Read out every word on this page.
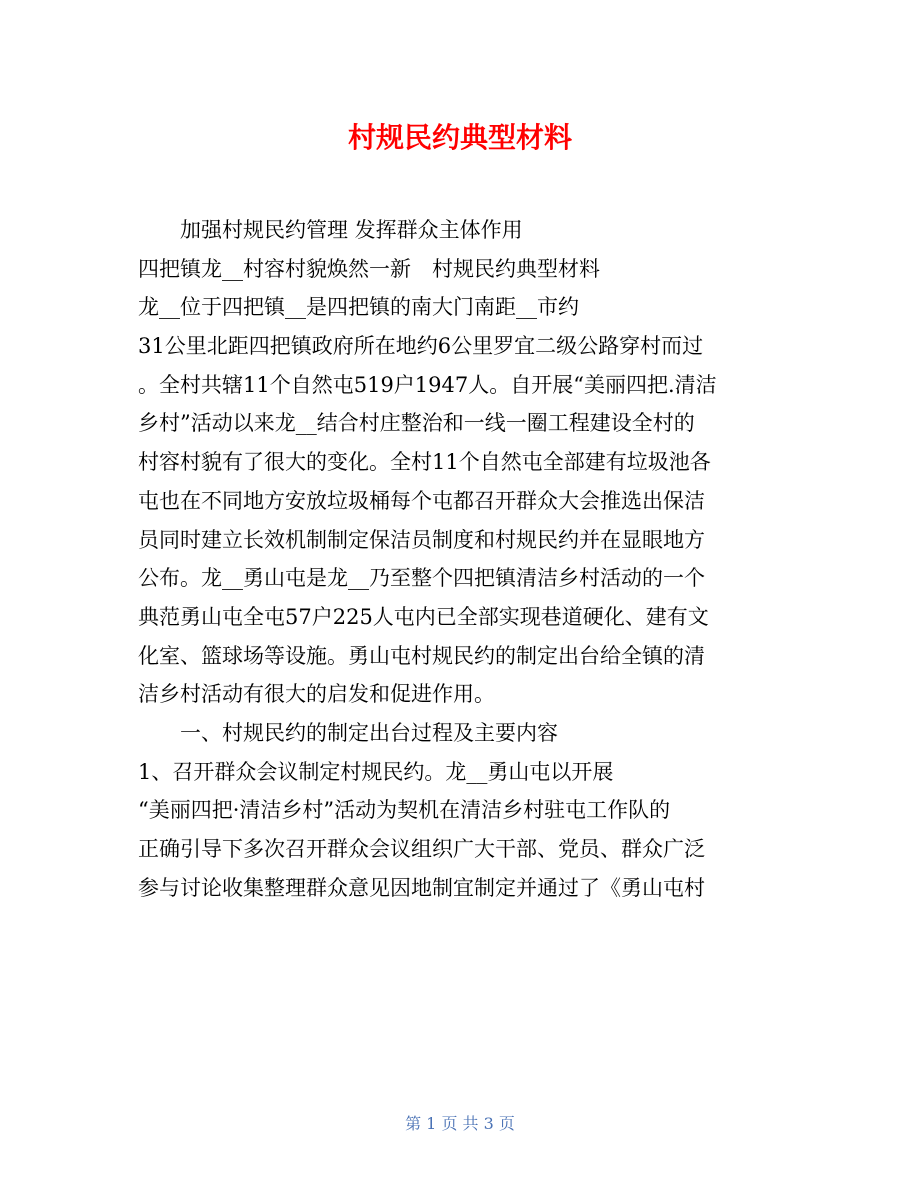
村规民约典型材料
加强村规民约管理 发挥群众主体作用
四把镇龙__村容村貌焕然一新　村规民约典型材料
龙__位于四把镇__是四把镇的南大门南距__市约
31公里北距四把镇政府所在地约6公里罗宜二级公路穿村而过
。全村共辖11个自然屯519户1947人。自开展“美丽四把.清洁
乡村”活动以来龙__结合村庄整治和一线一圈工程建设全村的
村容村貌有了很大的变化。全村11个自然屯全部建有垃圾池各
屯也在不同地方安放垃圾桶每个屯都召开群众大会推选出保洁
员同时建立长效机制制定保洁员制度和村规民约并在显眼地方
公布。龙__勇山屯是龙__乃至整个四把镇清洁乡村活动的一个
典范勇山屯全屯57户225人屯内已全部实现巷道硬化、建有文
化室、篮球场等设施。勇山屯村规民约的制定出台给全镇的清
洁乡村活动有很大的启发和促进作用。
一、村规民约的制定出台过程及主要内容
1、召开群众会议制定村规民约。龙__勇山屯以开展
“美丽四把·清洁乡村”活动为契机在清洁乡村驻屯工作队的
正确引导下多次召开群众会议组织广大干部、党员、群众广泛
参与讨论收集整理群众意见因地制宜制定并通过了《勇山屯村
第 1 页 共 3 页
